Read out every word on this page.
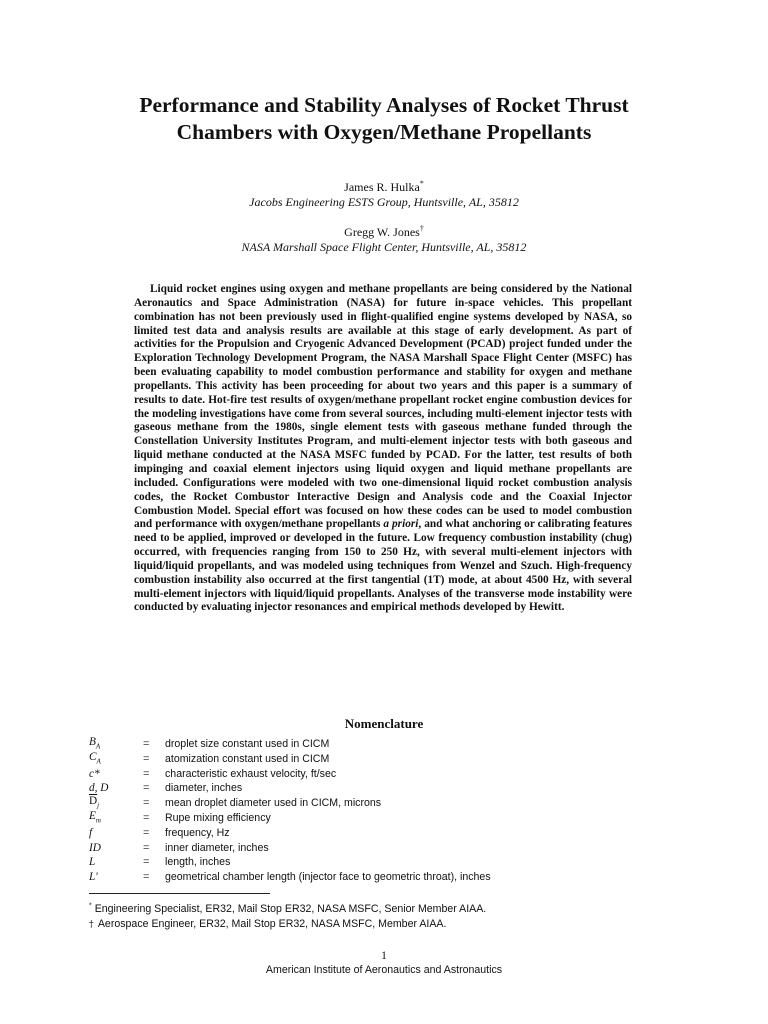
Performance and Stability Analyses of Rocket Thrust
Chambers with Oxygen/Methane Propellants
James R. Hulka*
Jacobs Engineering ESTS Group, Huntsville, AL, 35812
Gregg W. Jones†
NASA Marshall Space Flight Center, Huntsville, AL, 35812

Liquid rocket engines using oxygen and methane propellants are being considered by the National Aeronautics and Space Administration (NASA) for future in-space vehicles. This propellant combination has not been previously used in flight-qualified engine systems developed by NASA, so limited test data and analysis results are available at this stage of early development. As part of activities for the Propulsion and Cryogenic Advanced Development (PCAD) project funded under the Exploration Technology Development Program, the NASA Marshall Space Flight Center (MSFC) has been evaluating capability to model combustion performance and stability for oxygen and methane propellants. This activity has been proceeding for about two years and this paper is a summary of results to date. Hot-fire test results of oxygen/methane propellant rocket engine combustion devices for the modeling investigations have come from several sources, including multi-element injector tests with gaseous methane from the 1980s, single element tests with gaseous methane funded through the Constellation University Institutes Program, and multi-element injector tests with both gaseous and liquid methane conducted at the NASA MSFC funded by PCAD. For the latter, test results of both impinging and coaxial element injectors using liquid oxygen and liquid methane propellants are included. Configurations were modeled with two one-dimensional liquid rocket combustion analysis codes, the Rocket Combustor Interactive Design and Analysis code and the Coaxial Injector Combustion Model. Special effort was focused on how these codes can be used to model combustion and performance with oxygen/methane propellants a priori, and what anchoring or calibrating features need to be applied, improved or developed in the future. Low frequency combustion instability (chug) occurred, with frequencies ranging from 150 to 250 Hz, with several multi-element injectors with liquid/liquid propellants, and was modeled using techniques from Wenzel and Szuch. High-frequency combustion instability also occurred at the first tangential (1T) mode, at about 4500 Hz, with several multi-element injectors with liquid/liquid propellants. Analyses of the transverse mode instability were conducted by evaluating injector resonances and empirical methods developed by Hewitt.

Nomenclature
$B_A$	=	droplet size constant used in CICM
$C_A$	=	atomization constant used in CICM
c*	=	characteristic exhaust velocity, ft/sec
d, D	=	diameter, inches
$\overline{D}_j$	=	mean droplet diameter used in CICM, microns
$E_m$	=	Rupe mixing efficiency
f	=	frequency, Hz
ID	=	inner diameter, inches
L	=	length, inches
L'	=	geometrical chamber length (injector face to geometric throat), inches
* Engineering Specialist, ER32, Mail Stop ER32, NASA MSFC, Senior Member AIAA.
† Aerospace Engineer, ER32, Mail Stop ER32, NASA MSFC, Member AIAA.
1
American Institute of Aeronautics and Astronautics
